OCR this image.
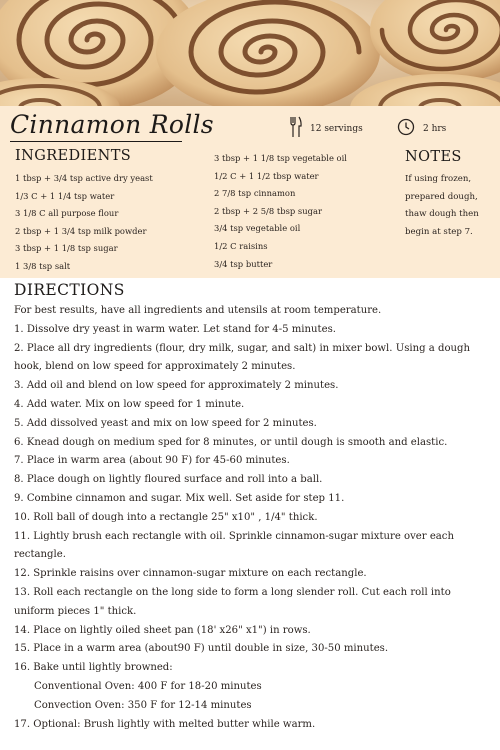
Cinnamon Rolls	12 servings	2 hrs
INGREDIENTS
1 tbsp + 3/4 tsp active dry yeast
1/3 C + 1 1/4 tsp water
3 1/8 C all purpose flour
2 tbsp + 1 3/4 tsp milk powder
3 tbsp + 1 1/8 tsp sugar
1 3/8 tsp salt
3 tbsp + 1 1/8 tsp vegetable oil
1/2 C + 1 1/2 tbsp water
2 7/8 tsp cinnamon
2 tbsp + 2 5/8 tbsp sugar
3/4 tsp vegetable oil
1/2 C raisins
3/4 tsp butter
NOTES
If using frozen, prepared dough, thaw dough then begin at step 7.
DIRECTIONS
For best results, have all ingredients and utensils at room temperature.
1. Dissolve dry yeast in warm water. Let stand for 4-5 minutes.
2. Place all dry ingredients (flour, dry milk, sugar, and salt) in mixer bowl. Using a dough hook, blend on low speed for approximately 2 minutes.
3. Add oil and blend on low speed for approximately 2 minutes.
4. Add water. Mix on low speed for 1 minute.
5. Add dissolved yeast and mix on low speed for 2 minutes.
6. Knead dough on medium sped for 8 minutes, or until dough is smooth and elastic.
7. Place in warm area (about 90 F) for 45-60 minutes.
8. Place dough on lightly floured surface and roll into a ball.
9. Combine cinnamon and sugar. Mix well. Set aside for step 11.
10. Roll ball of dough into a rectangle 25" x10" , 1/4" thick.
11. Lightly brush each rectangle with oil. Sprinkle cinnamon-sugar mixture over each rectangle.
12. Sprinkle raisins over cinnamon-sugar mixture on each rectangle.
13. Roll each rectangle on the long side to form a long slender roll. Cut each roll into uniform pieces 1" thick.
14. Place on lightly oiled sheet pan (18' x26" x1") in rows.
15. Place in a warm area (about90 F) until double in size, 30-50 minutes.
16. Bake until lightly browned:
Conventional Oven: 400 F for 18-20 minutes
Convection Oven: 350 F for 12-14 minutes
17. Optional: Brush lightly with melted butter while warm.
